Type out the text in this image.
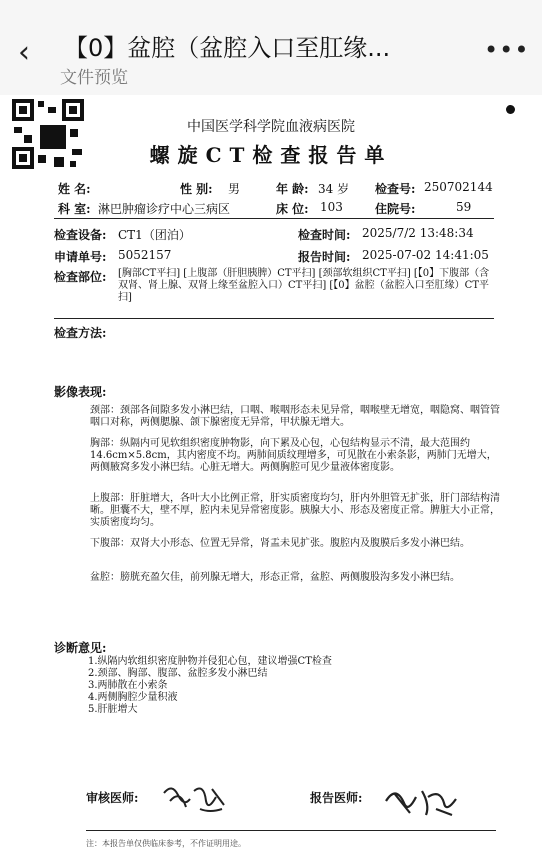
‹ 【0】盆腔（盆腔入口至肛缘...
文件预览
•••
中国医学科学院血液病医院
螺旋CT检查报告单
姓 名:	性 别: 男	年 龄: 34 岁 检查号: 250702144
科 室: 淋巴肿瘤诊疗中心三病区	床 位: 103	住院号:	59
检查设备: CT1（团泊）	检查时间: 2025/7/2 13:48:34
申请单号: 5052157	报告时间: 2025-07-02 14:41:05
检查部位: [胸部CT平扫] [上腹部（肝胆胰脾）CT平扫] [颈部软组织CT平扫] [【0】下腹部（含双肾、肾上腺、双肾上缘至盆腔入口）CT平扫] [【0】盆腔（盆腔入口至肛缘）CT平扫]
检查方法:
影像表现:
颈部：颈部各间隙多发小淋巴结，口咽、喉咽形态未见异常，咽喉壁无增宽，咽隐窝、咽管管咽口对称，两侧腮腺、颌下腺密度无异常，甲状腺无增大。
胸部：纵隔内可见软组织密度肿物影，向下累及心包，心包结构显示不清，最大范围约14.6cm×5.8cm，其内密度不均。两肺间质纹理增多，可见散在小索条影，两肺门无增大，两侧腋窝多发小淋巴结。心脏无增大。两侧胸腔可见少量液体密度影。
上腹部：肝脏增大，各叶大小比例正常，肝实质密度均匀，肝内外胆管无扩张，肝门部结构清晰。胆囊不大，壁不厚，腔内未见异常密度影。胰腺大小、形态及密度正常。脾脏大小正常，实质密度均匀。
下腹部：双肾大小形态、位置无异常，肾盂未见扩张。腹腔内及腹膜后多发小淋巴结。
盆腔：膀胱充盈欠佳，前列腺无增大，形态正常，盆腔、两侧腹股沟多发小淋巴结。
诊断意见:
1.纵隔内软组织密度肿物并侵犯心包，建议增强CT检查
2.颈部、胸部、腹部、盆腔多发小淋巴结
3.两肺散在小索条
4.两侧胸腔少量积液
5.肝脏增大
审核医师:	报告医师:
注：本报告单仅供临床参考，不作证明用途。
